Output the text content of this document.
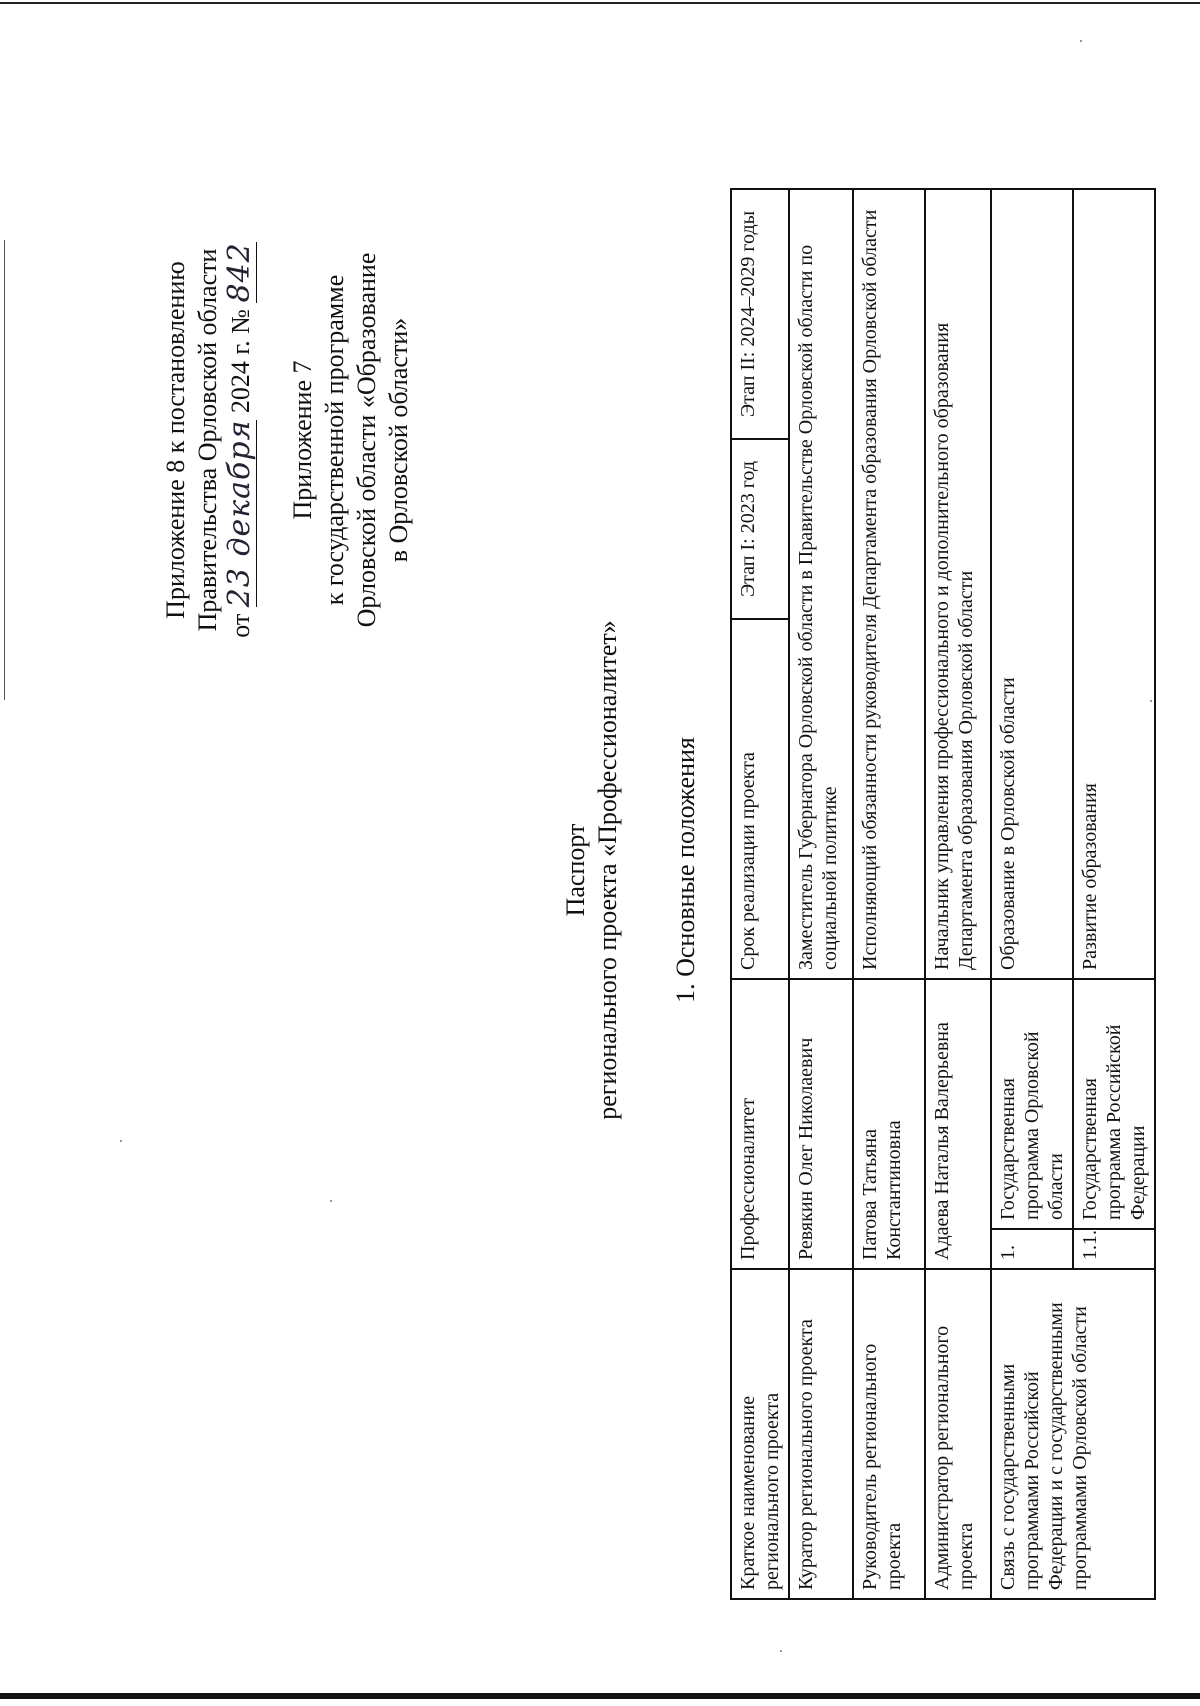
Приложение 8 к постановлению Правительства Орловской области от 23 декабря 2024 г. № 842
Приложение 7 к государственной программе Орловской области «Образование в Орловской области»
Паспорт регионального проекта «Профессионалитет» 1. Основные положения
Краткое наименование регионального проекта	Профессионалитет		Срок реализации проекта	Этап I: 2023 год	Этап II: 2024–2029 годы
Куратор регионального проекта	Ревякин Олег Николаевич		Заместитель Губернатора Орловской области в Правительстве Орловской области по социальной политике		
Руководитель регионального проекта	Патова Татьяна Константиновна		Исполняющий обязанности руководителя Департамента образования Орловской области		
Администратор регионального проекта	Адаева Наталья Валерьевна		Начальник управления профессионального и дополнительного образования Департамента образования Орловской области		
Связь с государственными программами Российской Федерации и с государственными программами Орловской области	1.	Государственная программа Орловской области	Образование в Орловской области		
	1.1.	Государственная программа Российской Федерации	Развитие образования		
